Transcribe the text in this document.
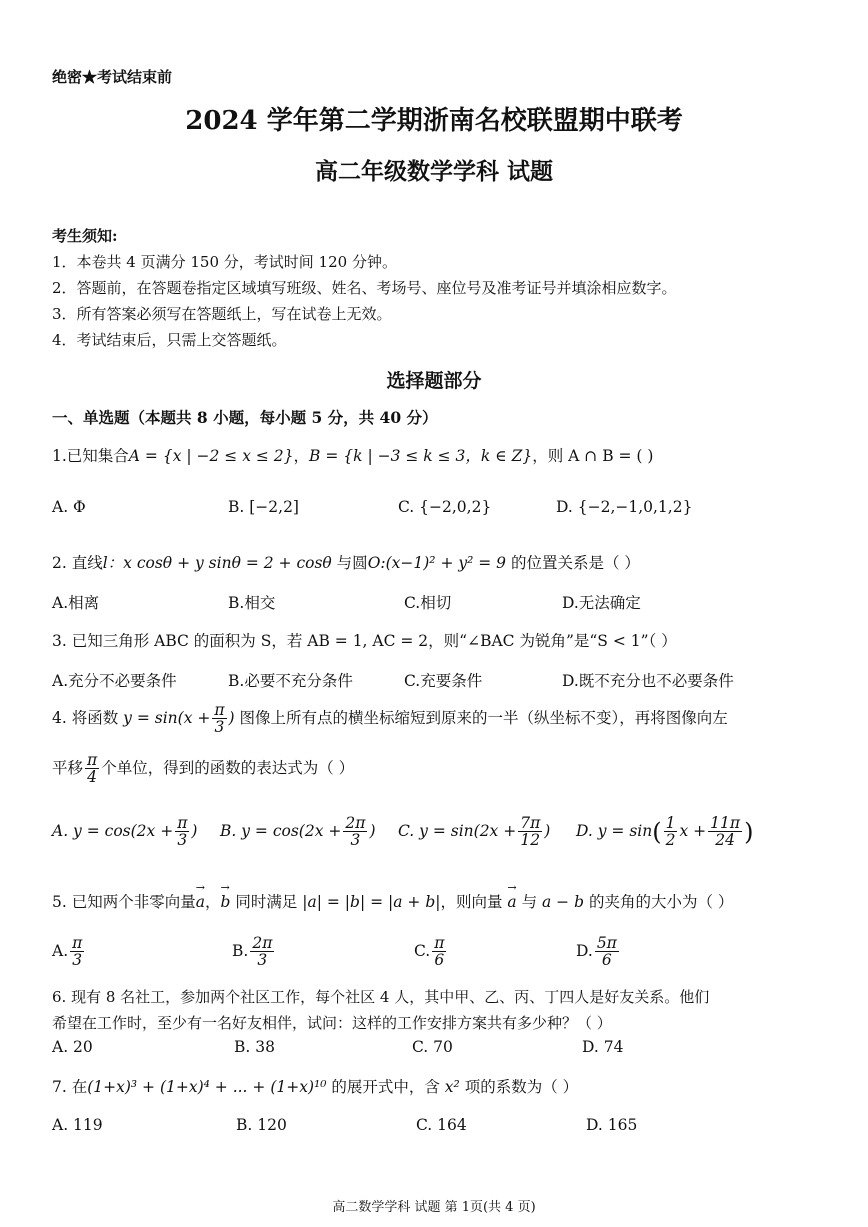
绝密★考试结束前
2024 学年第二学期浙南名校联盟期中联考
高二年级数学学科 试题
考生须知:
1．本卷共 4 页满分 150 分，考试时间 120 分钟。
2．答题前，在答题卷指定区域填写班级、姓名、考场号、座位号及准考证号并填涂相应数字。
3．所有答案必须写在答题纸上，写在试卷上无效。
4．考试结束后，只需上交答题纸。
选择题部分
一、单选题（本题共 8 小题，每小题 5 分，共 40 分）
1.已知集合A = {x | −2 ≤ x ≤ 2}，B = {k | −3 ≤ k ≤ 3，k ∈ Z}，则 A ∩ B = ( )
A. Φ	B. [−2,2]	C. {−2,0,2}	D. {−2,−1,0,1,2}
2. 直线l：x cosθ + y sinθ = 2 + cosθ 与圆O:(x−1)² + y² = 9 的位置关系是（ ）
A.相离	B.相交	C.相切	D.无法确定
3. 已知三角形 ABC 的面积为 S，若 AB = 1, AC = 2，则“∠BAC 为锐角”是“S < 1”（ ）
A.充分不必要条件	B.必要不充分条件	C.充要条件	D.既不充分也不必要条件
4. 将函数 $y = \sin(x + \frac{\pi}{3}$ ) 图像上所有点的横坐标缩短到原来的一半（纵坐标不变），再将图像向左
平移 $\frac{\pi}{4}$ 个单位，得到的函数的表达式为（ ）
A. $y = \cos(2x + \frac{\pi}{3}$ ) B. $y = \cos(2x + \frac{2\pi}{3}$ ) C. $y = \sin(2x + \frac{7\pi}{12}$ ) D. $y = \sin( \frac{1}{2}$ $x + \frac{11\pi}{24}$ )
5. 已知两个非零向量→ a，→ b 同时满足 |a| = |b| = |a + b|，则向量 → a 与 a − b 的夹角的大小为（ ）
A. $\frac{\pi}{3}$	B. $\frac{2\pi}{3}$	C. $\frac{\pi}{6}$	D. $\frac{5\pi}{6}$
6. 现有 8 名社工，参加两个社区工作，每个社区 4 人，其中甲、乙、丙、丁四人是好友关系。他们
希望在工作时，至少有一名好友相伴，试问：这样的工作安排方案共有多少种？（ ）
A. 20	B. 38	C. 70	D. 74
7. 在(1+x)³ + (1+x)⁴ + ... + (1+x)¹⁰ 的展开式中，含 x² 项的系数为（ ）
A. 119	B. 120	C. 164	D. 165
高二数学学科 试题 第 1页(共 4 页)
